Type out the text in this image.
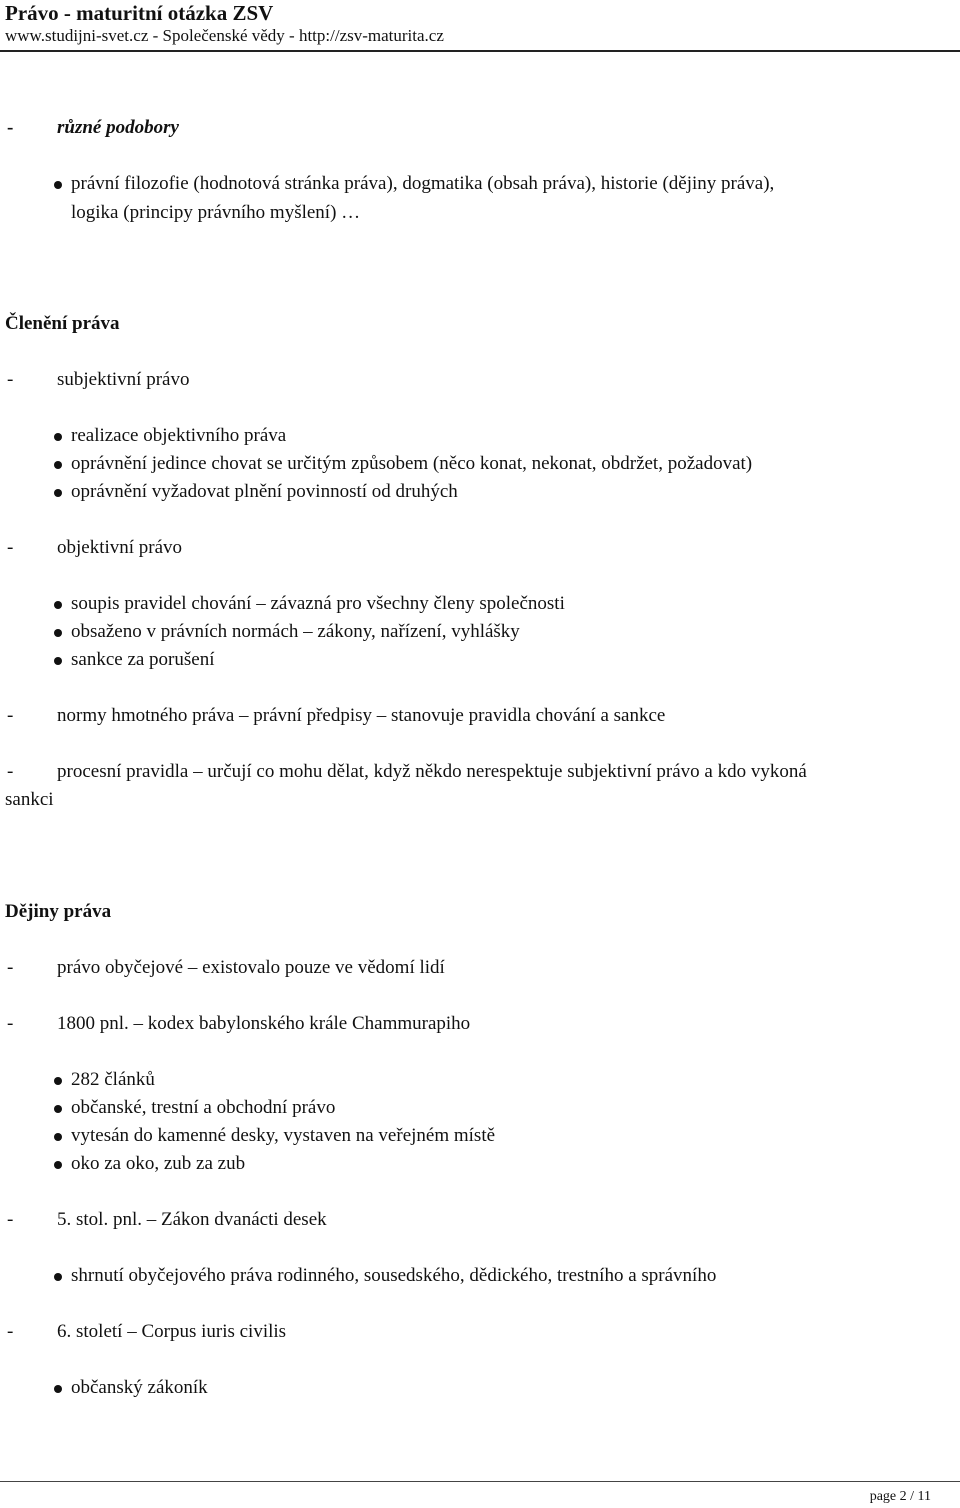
Právo - maturitní otázka ZSV
www.studijni-svet.cz - Společenské vědy - http://zsv-maturita.cz
- různé podobory
právní filozofie (hodnotová stránka práva), dogmatika (obsah práva), historie (dějiny práva),
logika (principy právního myšlení) …
Členění práva
- subjektivní právo
realizace objektivního práva
oprávnění jedince chovat se určitým způsobem (něco konat, nekonat, obdržet, požadovat)
oprávnění vyžadovat plnění povinností od druhých
- objektivní právo
soupis pravidel chování – závazná pro všechny členy společnosti
obsaženo v právních normách – zákony, nařízení, vyhlášky
sankce za porušení
- normy hmotného práva – právní předpisy – stanovuje pravidla chování a sankce
- procesní pravidla – určují co mohu dělat, když někdo nerespektuje subjektivní právo a kdo vykoná
sankci
Dějiny práva
- právo obyčejové – existovalo pouze ve vědomí lidí
- 1800 pnl. – kodex babylonského krále Chammurapiho
282 článků
občanské, trestní a obchodní právo
vytesán do kamenné desky, vystaven na veřejném místě
oko za oko, zub za zub
- 5. stol. pnl. – Zákon dvanácti desek
shrnutí obyčejového práva rodinného, sousedského, dědického, trestního a správního
- 6. století – Corpus iuris civilis
občanský zákoník
page 2 / 11
